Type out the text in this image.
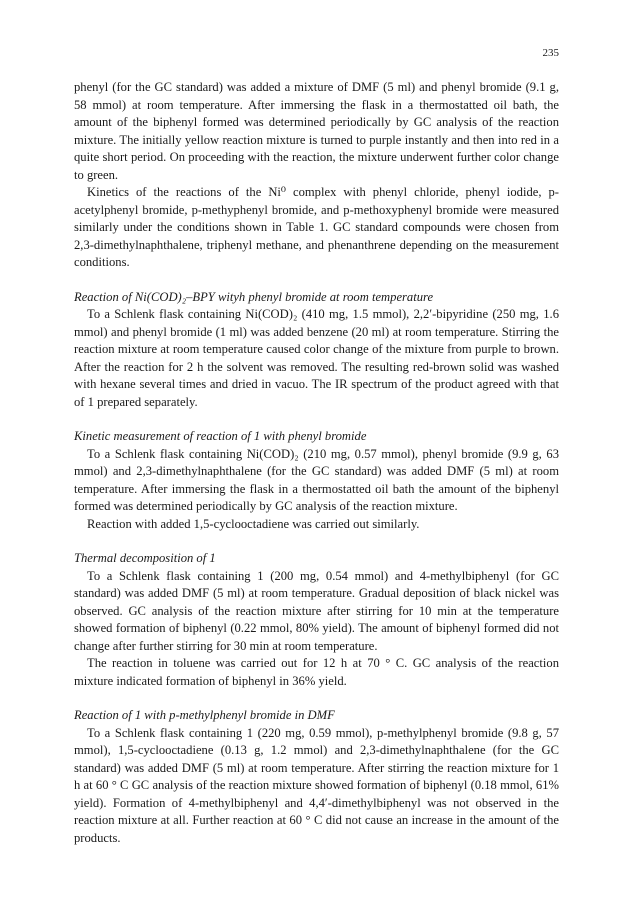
235

phenyl (for the GC standard) was added a mixture of DMF (5 ml) and phenyl bromide (9.1 g, 58 mmol) at room temperature. After immersing the flask in a thermostatted oil bath, the amount of the biphenyl formed was determined periodically by GC analysis of the reaction mixture. The initially yellow reaction mixture is turned to purple instantly and then into red in a quite short period. On proceeding with the reaction, the mixture underwent further color change to green.

Kinetics of the reactions of the Ni⁰ complex with phenyl chloride, phenyl iodide, p-acetylphenyl bromide, p-methyphenyl bromide, and p-methoxyphenyl bromide were measured similarly under the conditions shown in Table 1. GC standard compounds were chosen from 2,3-dimethylnaphthalene, triphenyl methane, and phenanthrene depending on the measurement conditions.

Reaction of Ni(COD)₂–BPY wityh phenyl bromide at room temperature

To a Schlenk flask containing Ni(COD)₂ (410 mg, 1.5 mmol), 2,2′-bipyridine (250 mg, 1.6 mmol) and phenyl bromide (1 ml) was added benzene (20 ml) at room temperature. Stirring the reaction mixture at room temperature caused color change of the mixture from purple to brown. After the reaction for 2 h the solvent was removed. The resulting red-brown solid was washed with hexane several times and dried in vacuo. The IR spectrum of the product agreed with that of 1 prepared separately.

Kinetic measurement of reaction of 1 with phenyl bromide

To a Schlenk flask containing Ni(COD)₂ (210 mg, 0.57 mmol), phenyl bromide (9.9 g, 63 mmol) and 2,3-dimethylnaphthalene (for the GC standard) was added DMF (5 ml) at room temperature. After immersing the flask in a thermostatted oil bath the amount of the biphenyl formed was determined periodically by GC analysis of the reaction mixture.

Reaction with added 1,5-cyclooctadiene was carried out similarly.

Thermal decomposition of 1

To a Schlenk flask containing 1 (200 mg, 0.54 mmol) and 4-methylbiphenyl (for GC standard) was added DMF (5 ml) at room temperature. Gradual deposition of black nickel was observed. GC analysis of the reaction mixture after stirring for 10 min at the temperature showed formation of biphenyl (0.22 mmol, 80% yield). The amount of biphenyl formed did not change after further stirring for 30 min at room temperature.

The reaction in toluene was carried out for 12 h at 70 ° C. GC analysis of the reaction mixture indicated formation of biphenyl in 36% yield.

Reaction of 1 with p-methylphenyl bromide in DMF

To a Schlenk flask containing 1 (220 mg, 0.59 mmol), p-methylphenyl bromide (9.8 g, 57 mmol), 1,5-cyclooctadiene (0.13 g, 1.2 mmol) and 2,3-dimethylnaphthalene (for the GC standard) was added DMF (5 ml) at room temperature. After stirring the reaction mixture for 1 h at 60 ° C GC analysis of the reaction mixture showed formation of biphenyl (0.18 mmol, 61% yield). Formation of 4-methylbiphenyl and 4,4′-dimethylbiphenyl was not observed in the reaction mixture at all. Further reaction at 60 ° C did not cause an increase in the amount of the products.
